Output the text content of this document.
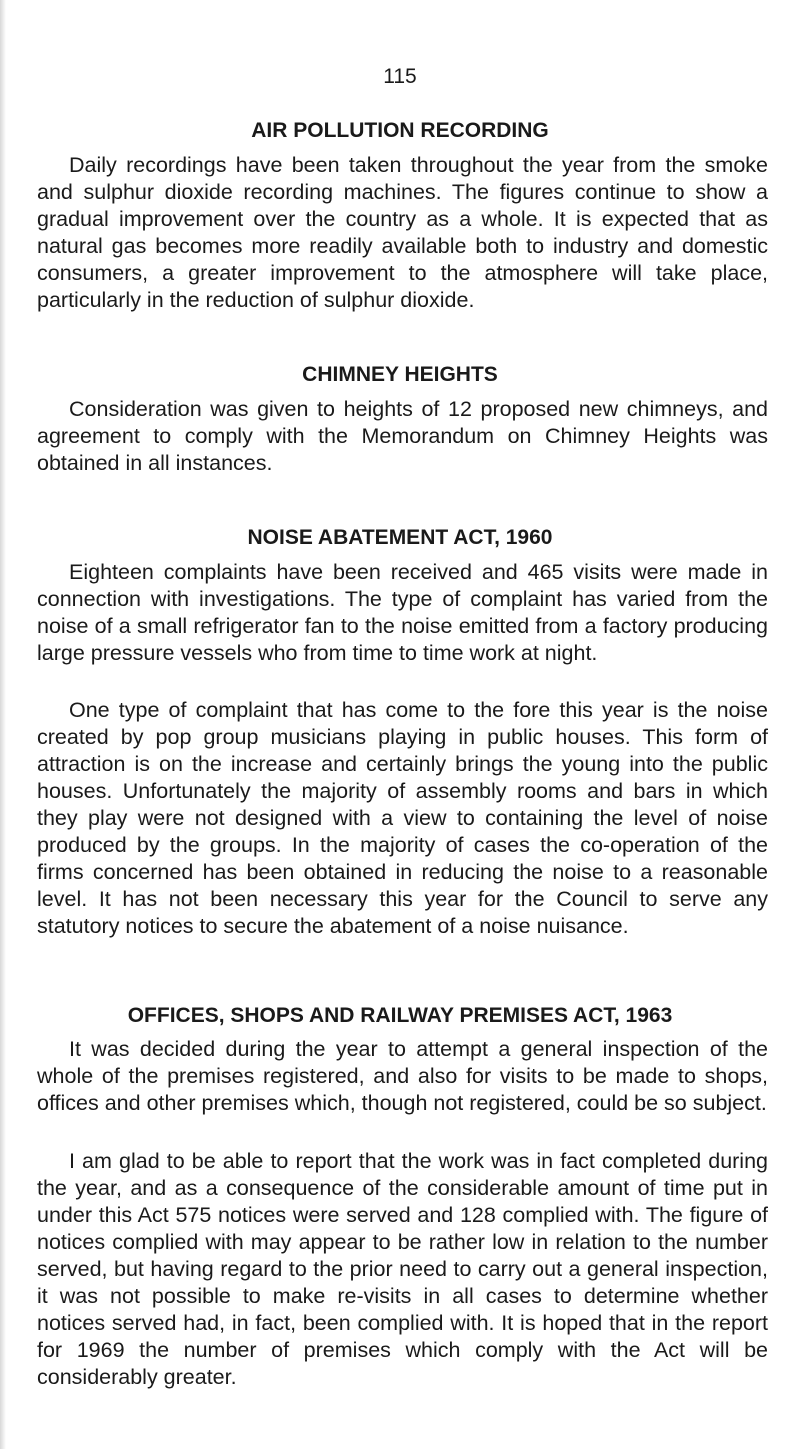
115
AIR POLLUTION RECORDING

Daily recordings have been taken throughout the year from the smoke and sulphur dioxide recording machines. The figures continue to show a gradual improvement over the country as a whole. It is expected that as natural gas becomes more readily available both to industry and domestic consumers, a greater improvement to the atmosphere will take place, particularly in the reduction of sulphur dioxide.

CHIMNEY HEIGHTS

Consideration was given to heights of 12 proposed new chimneys, and agreement to comply with the Memorandum on Chimney Heights was obtained in all instances.

NOISE ABATEMENT ACT, 1960

Eighteen complaints have been received and 465 visits were made in connection with investigations. The type of complaint has varied from the noise of a small refrigerator fan to the noise emitted from a factory producing large pressure vessels who from time to time work at night.

One type of complaint that has come to the fore this year is the noise created by pop group musicians playing in public houses. This form of attraction is on the increase and certainly brings the young into the public houses. Unfortunately the majority of assembly rooms and bars in which they play were not designed with a view to containing the level of noise produced by the groups. In the majority of cases the co-operation of the firms concerned has been obtained in reducing the noise to a reasonable level. It has not been necessary this year for the Council to serve any statutory notices to secure the abatement of a noise nuisance.

OFFICES, SHOPS AND RAILWAY PREMISES ACT, 1963

It was decided during the year to attempt a general inspection of the whole of the premises registered, and also for visits to be made to shops, offices and other premises which, though not registered, could be so subject.

I am glad to be able to report that the work was in fact completed during the year, and as a consequence of the considerable amount of time put in under this Act 575 notices were served and 128 complied with. The figure of notices complied with may appear to be rather low in relation to the number served, but having regard to the prior need to carry out a general inspection, it was not possible to make re-visits in all cases to determine whether notices served had, in fact, been complied with. It is hoped that in the report for 1969 the number of premises which comply with the Act will be considerably greater.
